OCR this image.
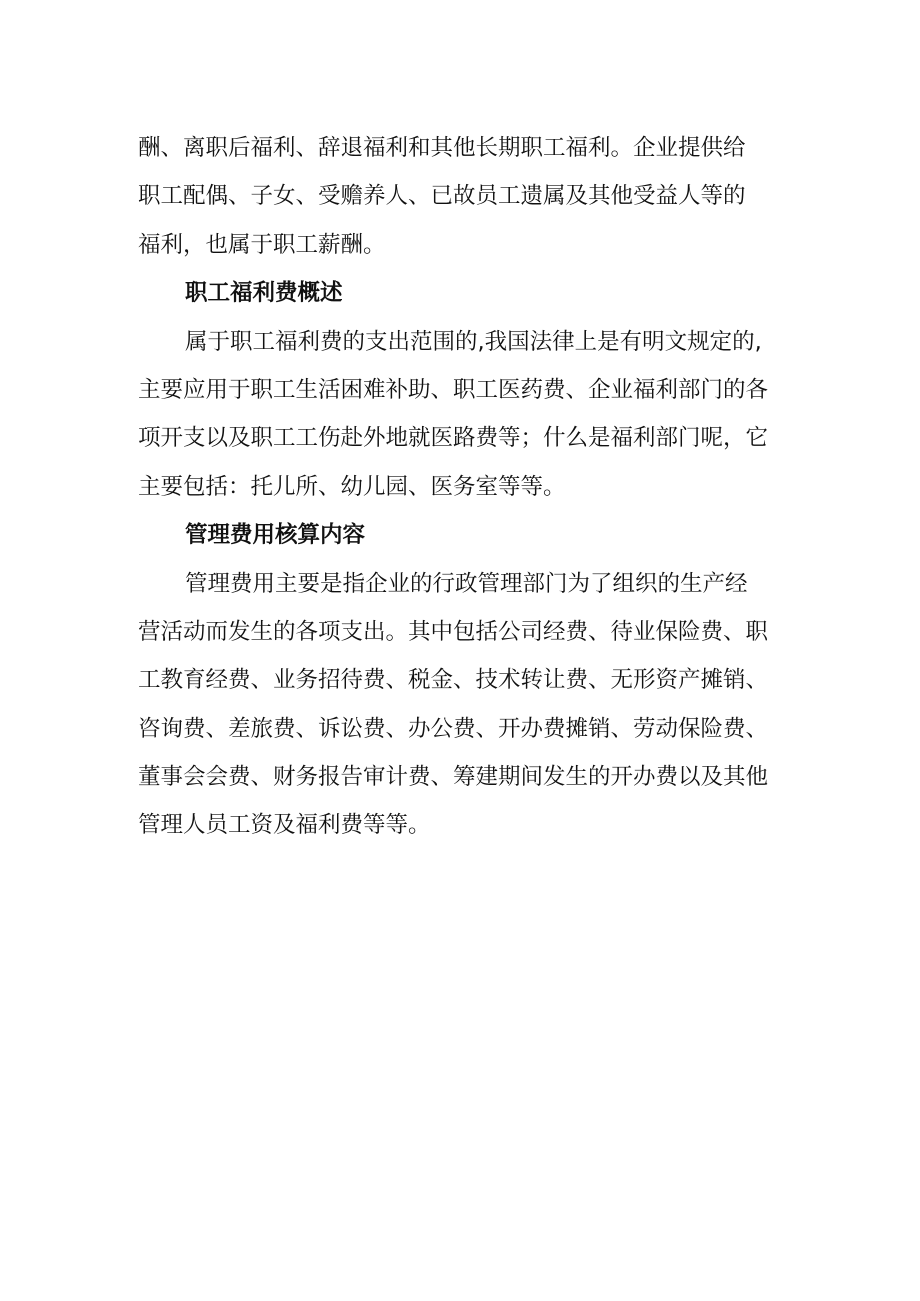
酬、离职后福利、辞退福利和其他长期职工福利。企业提供给
职工配偶、子女、受赡养人、已故员工遗属及其他受益人等的
福利，也属于职工薪酬。
职工福利费概述
属于职工福利费的支出范围的,我国法律上是有明文规定的,
主要应用于职工生活困难补助、职工医药费、企业福利部门的各
项开支以及职工工伤赴外地就医路费等；什么是福利部门呢，它
主要包括：托儿所、幼儿园、医务室等等。
管理费用核算内容
管理费用主要是指企业的行政管理部门为了组织的生产经
营活动而发生的各项支出。其中包括公司经费、待业保险费、职
工教育经费、业务招待费、税金、技术转让费、无形资产摊销、
咨询费、差旅费、诉讼费、办公费、开办费摊销、劳动保险费、
董事会会费、财务报告审计费、筹建期间发生的开办费以及其他
管理人员工资及福利费等等。
